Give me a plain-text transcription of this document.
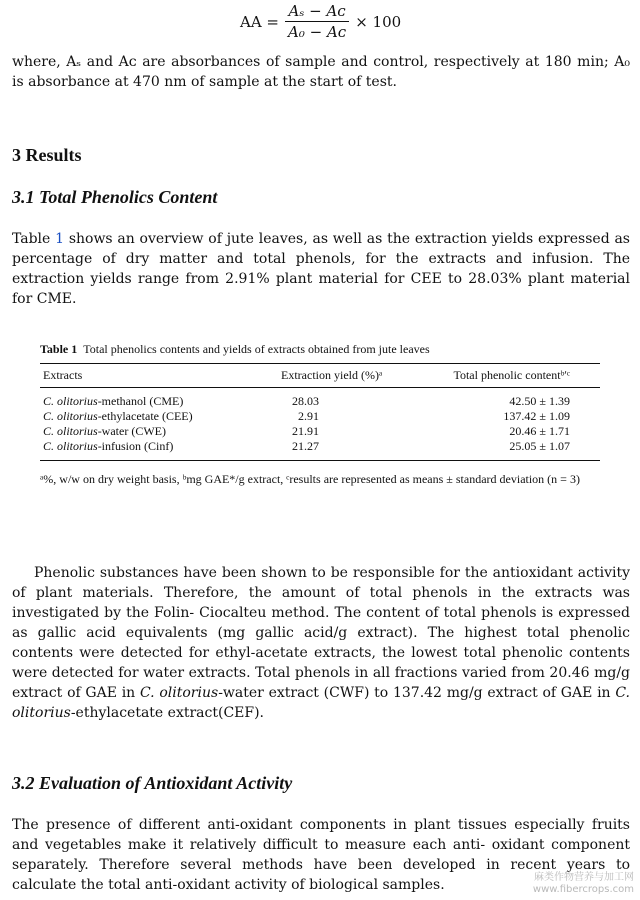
AA = $\frac{\text{Aₛ − Aᴄ}}{\text{A₀ − Aᴄ}} \times 100$
where, Aₛ and Aᴄ are absorbances of sample and control, respectively at 180 min; A₀ is absorbance at 470 nm of sample at the start of test.
3 Results
3.1 Total Phenolics Content
Table 1 shows an overview of jute leaves, as well as the extraction yields expressed as percentage of dry matter and total phenols, for the extracts and infusion. The extraction yields range from 2.91% plant material for CEE to 28.03% plant material for CME.
Table 1 Total phenolics contents and yields of extracts obtained from jute leaves
Extracts	Extraction yield (%)ᵃ	Total phenolic contentᵇʹᶜ
C. olitorius-methanol (CME)	28.03	42.50 ± 1.39
C. olitorius-ethylacetate (CEE)	2.91	137.42 ± 1.09
C. olitorius-water (CWE)	21.91	20.46 ± 1.71
C. olitorius-infusion (Cinf)	21.27	25.05 ± 1.07
ᵃ%, w/w on dry weight basis, ᵇmg GAE*/g extract, ᶜresults are represented as means ± standard deviation (n = 3)
Phenolic substances have been shown to be responsible for the antioxidant activity of plant materials. Therefore, the amount of total phenols in the extracts was investigated by the Folin- Ciocalteu method. The content of total phenols is expressed as gallic acid equivalents (mg gallic acid/g extract). The highest total phenolic contents were detected for ethyl-acetate extracts, the lowest total phenolic contents were detected for water extracts. Total phenols in all fractions varied from 20.46 mg/g extract of GAE in C. olitorius-water extract (CWF) to 137.42 mg/g extract of GAE in C. olitorius-ethylacetate extract(CEF).
3.2 Evaluation of Antioxidant Activity
The presence of different anti-oxidant components in plant tissues especially fruits and vegetables make it relatively difficult to measure each anti- oxidant component separately. Therefore several methods have been developed in recent years to calculate the total anti-oxidant activity of biological samples.	麻类作物营养与加工网
www.fibercrops.com
